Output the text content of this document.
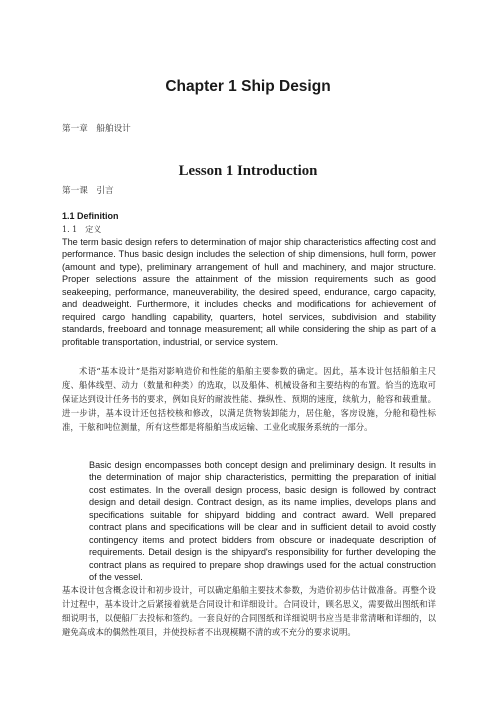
Chapter 1 Ship Design

第一章　船舶设计

Lesson 1 Introduction

第一课　引言

1.1 Definition

1. 1　定义

The term basic design refers to determination of major ship characteristics affecting cost and performance. Thus basic design includes the selection of ship dimensions, hull form, power (amount and type), preliminary arrangement of hull and machinery, and major structure. Proper selections assure the attainment of the mission requirements such as good seakeeping, performance, maneuverability, the desired speed, endurance, cargo capacity, and deadweight. Furthermore, it includes checks and modifications for achievement of required cargo handling capability, quarters, hotel services, subdivision and stability standards, freeboard and tonnage measurement; all while considering the ship as part of a profitable transportation, industrial, or service system.

术语“基本设计”是指对影响造价和性能的船舶主要参数的确定。因此，基本设计包括船舶主尺度、船体线型、动力（数量和种类）的选取，以及船体、机械设备和主要结构的布置。恰当的选取可保证达到设计任务书的要求，例如良好的耐波性能、操纵性、预期的速度，续航力，舱容和载重量。进一步讲，基本设计还包括校核和修改，以满足货物装卸能力，居住舱，客房设施，分舱和稳性标准，干舷和吨位测量，所有这些都是将船舶当成运输、工业化或服务系统的一部分。

Basic design encompasses both concept design and preliminary design. It results in the determination of major ship characteristics, permitting the preparation of initial cost estimates. In the overall design process, basic design is followed by contract design and detail design. Contract design, as its name implies, develops plans and specifications suitable for shipyard bidding and contract award. Well prepared contract plans and specifications will be clear and in sufficient detail to avoid costly contingency items and protect bidders from obscure or inadequate description of requirements. Detail design is the shipyard's responsibility for further developing the contract plans as required to prepare shop drawings used for the actual construction of the vessel.

基本设计包含概念设计和初步设计，可以确定船舶主要技术参数，为造价初步估计做准备。再整个设计过程中，基本设计之后紧接着就是合同设计和详细设计。合同设计，顾名思义，需要做出图纸和详细说明书，以便船厂去投标和签约。一套良好的合同图纸和详细说明书应当是非常清晰和详细的，以避免高成本的偶然性项目，并使投标者不出现模糊不清的或不充分的要求说明。
